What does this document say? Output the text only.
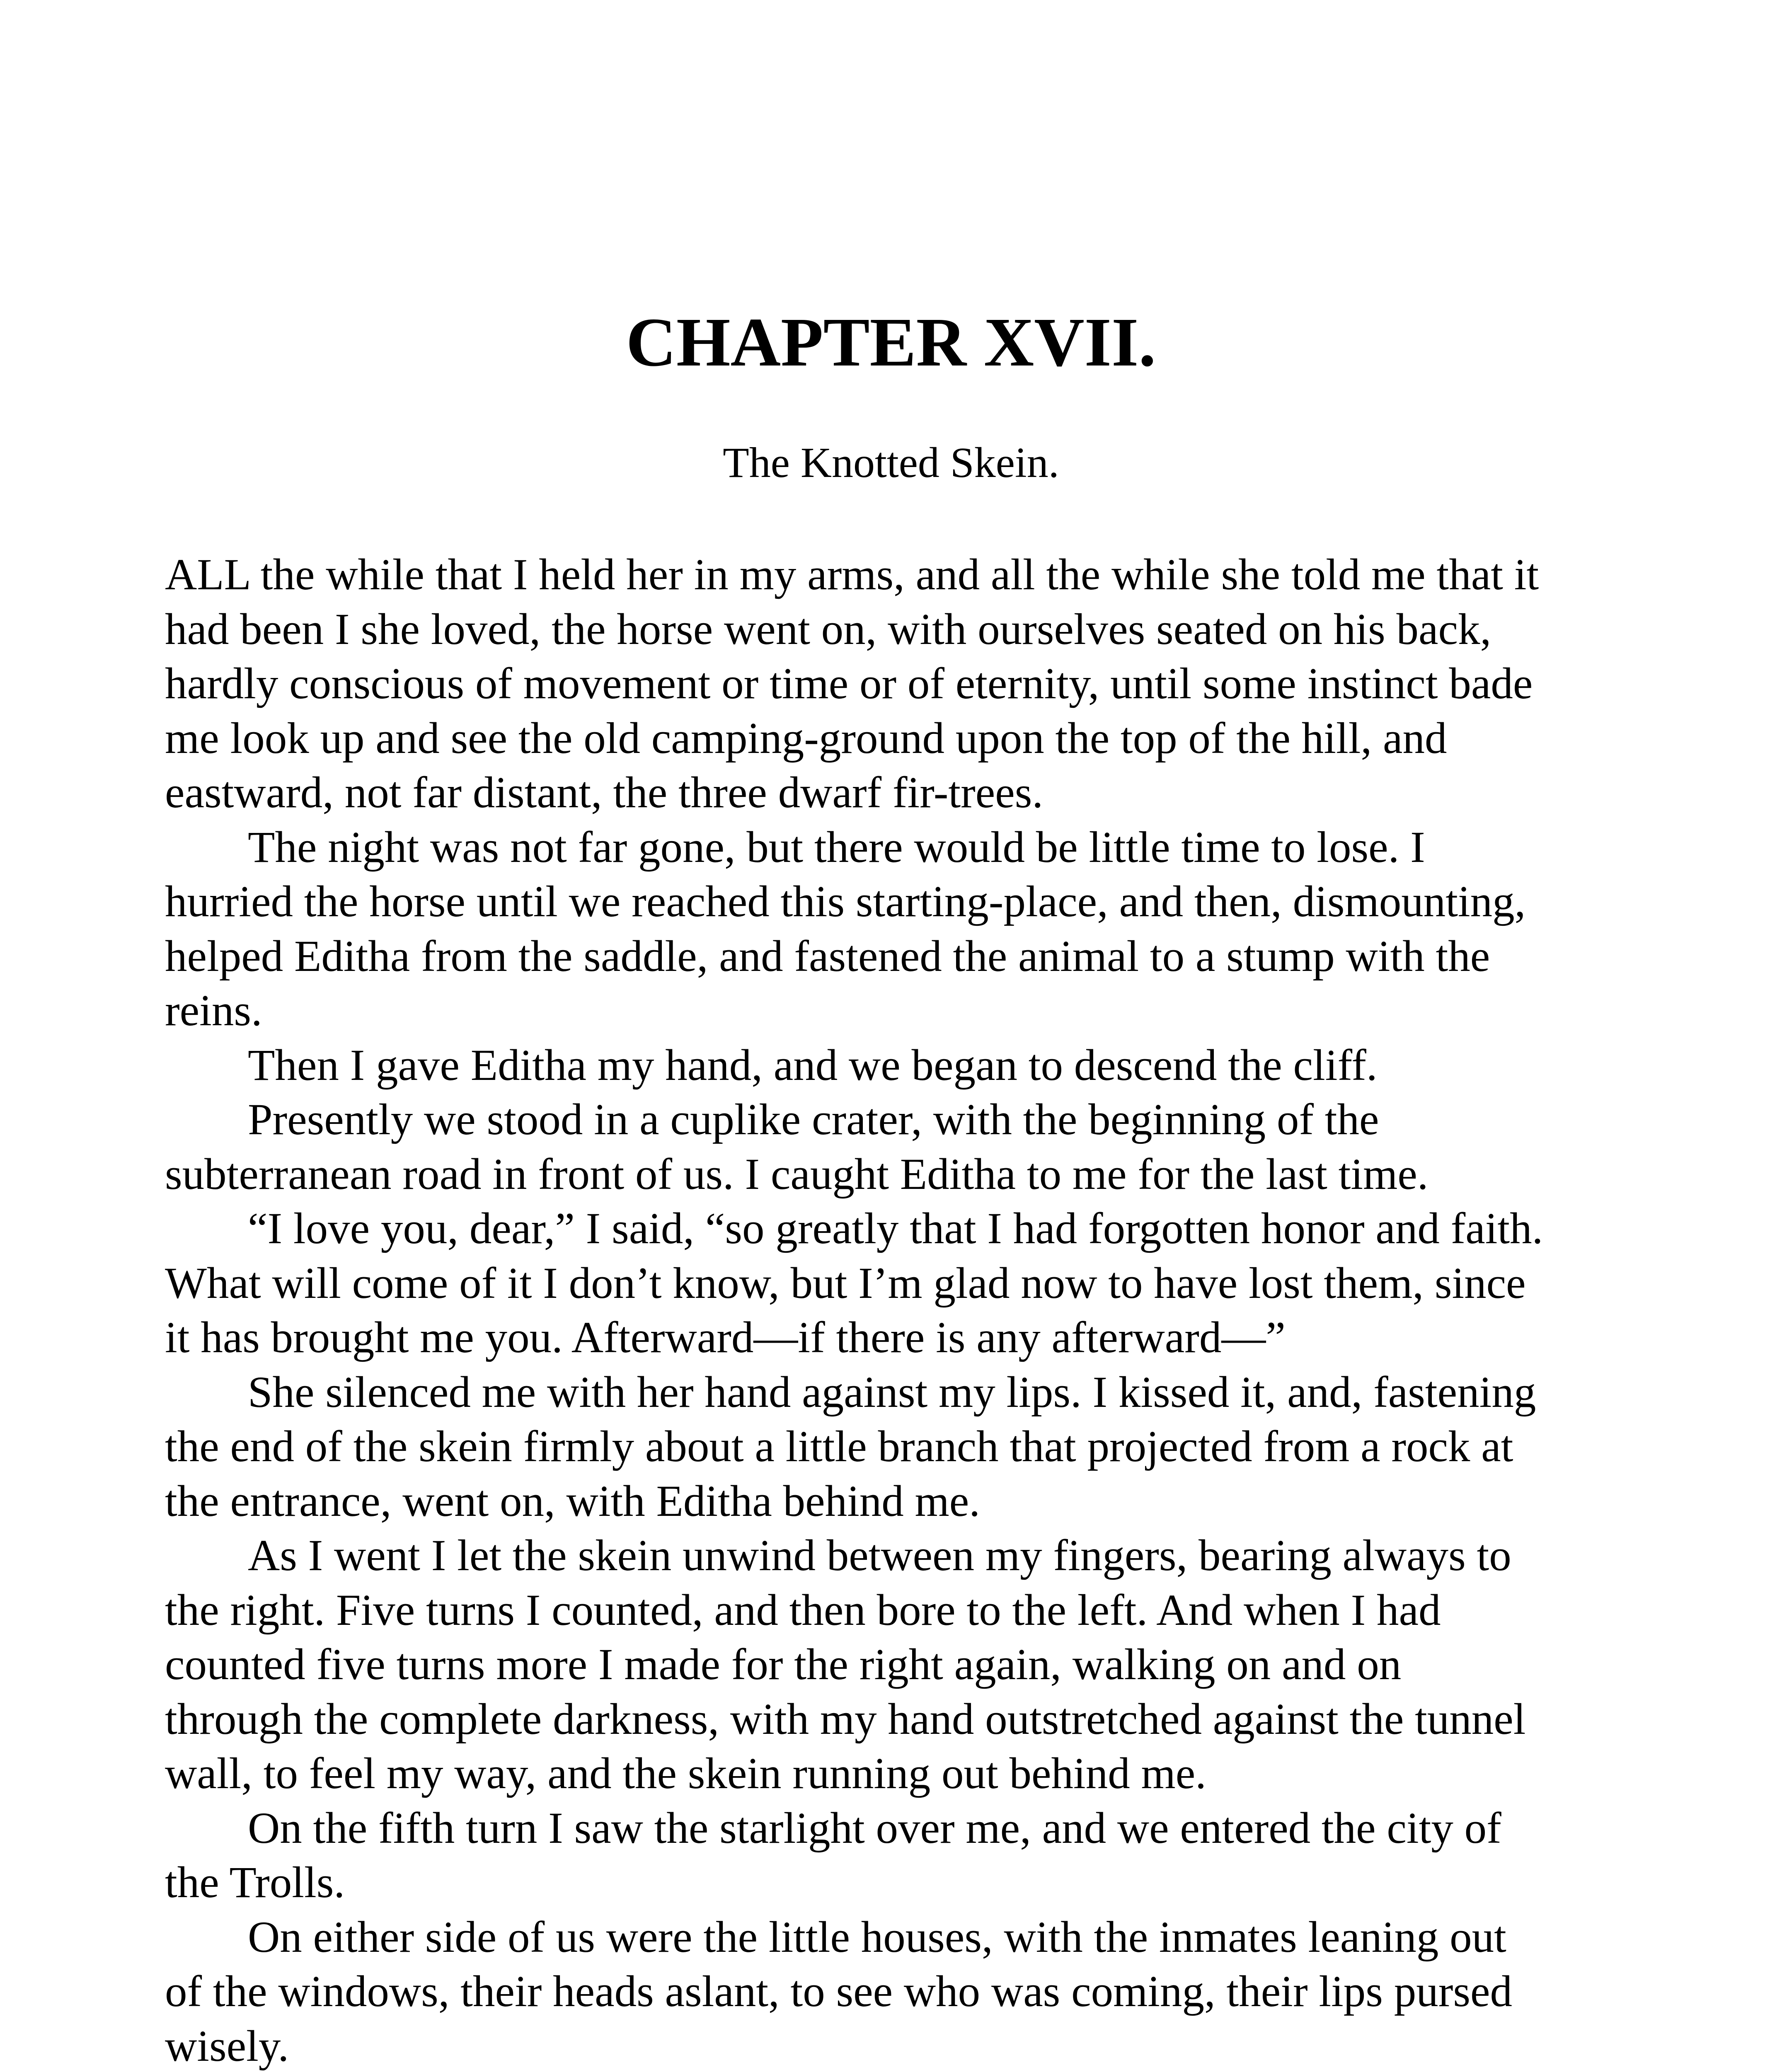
CHAPTER XVII.
The Knotted Skein.
ALL the while that I held her in my arms, and all the while she told me that it
had been I she loved, the horse went on, with ourselves seated on his back,
hardly conscious of movement or time or of eternity, until some instinct bade
me look up and see the old camping-ground upon the top of the hill, and
eastward, not far distant, the three dwarf fir-trees.
The night was not far gone, but there would be little time to lose. I
hurried the horse until we reached this starting-place, and then, dismounting,
helped Editha from the saddle, and fastened the animal to a stump with the
reins.
Then I gave Editha my hand, and we began to descend the cliff.
Presently we stood in a cuplike crater, with the beginning of the
subterranean road in front of us. I caught Editha to me for the last time.
“I love you, dear,” I said, “so greatly that I had forgotten honor and faith.
What will come of it I don’t know, but I’m glad now to have lost them, since
it has brought me you. Afterward—if there is any afterward—”
She silenced me with her hand against my lips. I kissed it, and, fastening
the end of the skein firmly about a little branch that projected from a rock at
the entrance, went on, with Editha behind me.
As I went I let the skein unwind between my fingers, bearing always to
the right. Five turns I counted, and then bore to the left. And when I had
counted five turns more I made for the right again, walking on and on
through the complete darkness, with my hand outstretched against the tunnel
wall, to feel my way, and the skein running out behind me.
On the fifth turn I saw the starlight over me, and we entered the city of
the Trolls.
On either side of us were the little houses, with the inmates leaning out
of the windows, their heads aslant, to see who was coming, their lips pursed
wisely.
